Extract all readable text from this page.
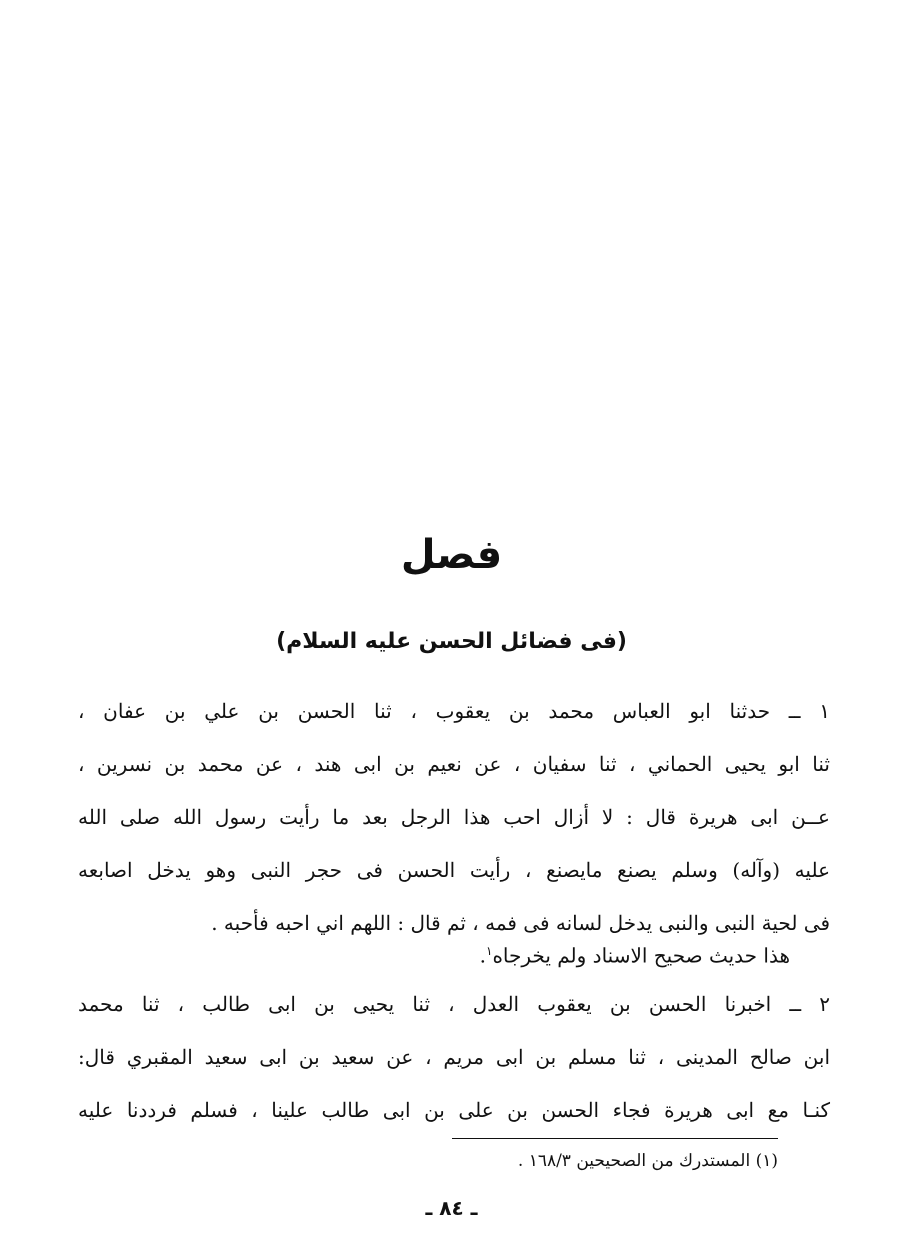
فصل
(فی فضائل الحسن علیه السلام)
١ ــ حدثنا ابو العباس محمد بن يعقوب ، ثنا الحسن بن علي بن عفان ،
ثنا ابو يحيى الحماني ، ثنا سفيان ، عن نعيم بن ابى هند ، عن محمد بن نسرين ،
عــن ابى هريرة قال : لا أزال احب هذا الرجل بعد ما رأيت رسول الله صلى الله
عليه (وآله) وسلم يصنع مايصنع ، رأيت الحسن فى حجر النبى وهو يدخل اصابعه
فى لحية النبى والنبى يدخل لسانه فى فمه ، ثم قال : اللهم اني احبه فأحبه .

هذا حديث صحيح الاسناد ولم يخرجاه$^١$.

٢ ــ اخبرنا الحسن بن يعقوب العدل ، ثنا يحيى بن ابى طالب ، ثنا محمد
ابن صالح المدينى ، ثنا مسلم بن ابى مريم ، عن سعيد بن ابى سعيد المقبري قال:
كنـا مع ابى هريرة فجاء الحسن بن على بن ابى طالب علينا ، فسلم فرددنا عليه

(١) المستدرك من الصحيحين ١٦٨/٣ .

ـ ٨٤ ـ
